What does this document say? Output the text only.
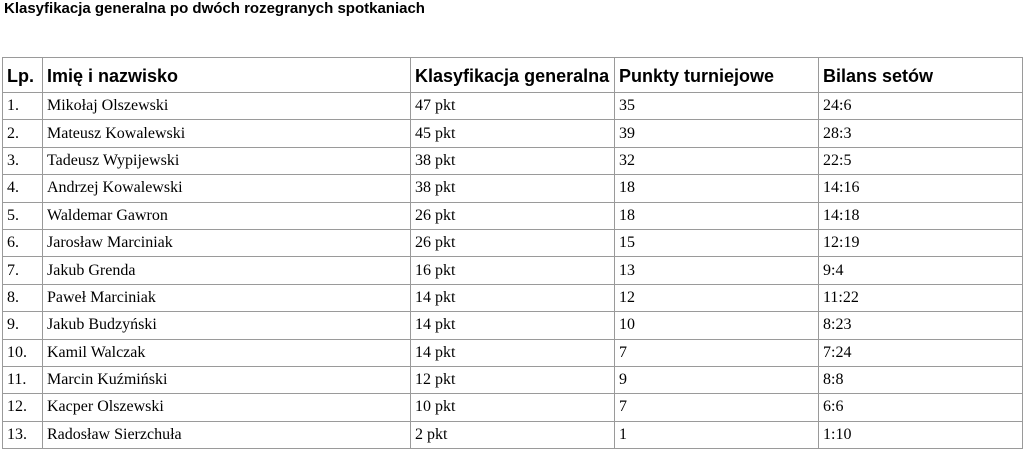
Klasyfikacja generalna po dwóch rozegranych spotkaniach
Lp.	Imię i nazwisko	Klasyfikacja generalna	Punkty turniejowe	Bilans setów
1.	Mikołaj Olszewski	47 pkt	35	24:6
2.	Mateusz Kowalewski	45 pkt	39	28:3
3.	Tadeusz Wypijewski	38 pkt	32	22:5
4.	Andrzej Kowalewski	38 pkt	18	14:16
5.	Waldemar Gawron	26 pkt	18	14:18
6.	Jarosław Marciniak	26 pkt	15	12:19
7.	Jakub Grenda	16 pkt	13	9:4
8.	Paweł Marciniak	14 pkt	12	11:22
9.	Jakub Budzyński	14 pkt	10	8:23
10.	Kamil Walczak	14 pkt	7	7:24
11.	Marcin Kuźmiński	12 pkt	9	8:8
12.	Kacper Olszewski	10 pkt	7	6:6
13.	Radosław Sierzchuła	2 pkt	1	1:10
